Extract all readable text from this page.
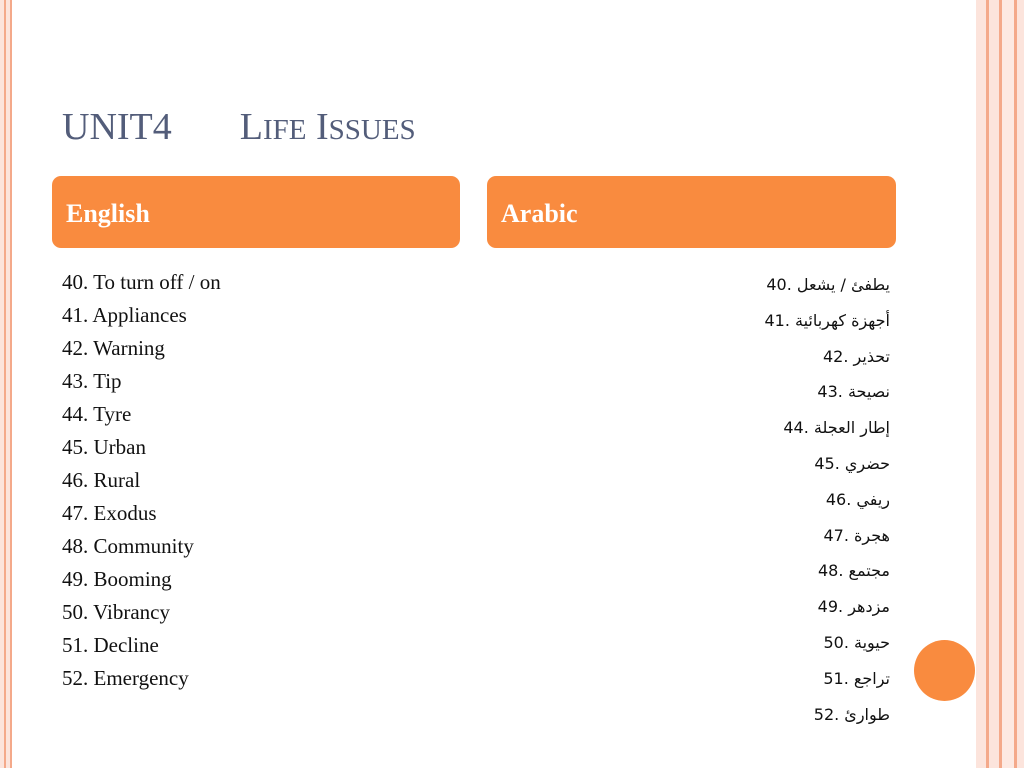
UNIT4 LIFE ISSUES
English	Arabic
40. To turn off / on
41. Appliances
42. Warning
43. Tip
44. Tyre
45. Urban
46. Rural
47. Exodus
48. Community
49. Booming
50. Vibrancy
51. Decline
52. Emergency
40. يطفئ / يشعل
41. أجهزة كهربائية
42. تحذير
43. نصيحة
44. إطار العجلة
45. حضري
46. ريفي
47. هجرة
48. مجتمع
49. مزدهر
50. حيوية
51. تراجع
52. طوارئ
